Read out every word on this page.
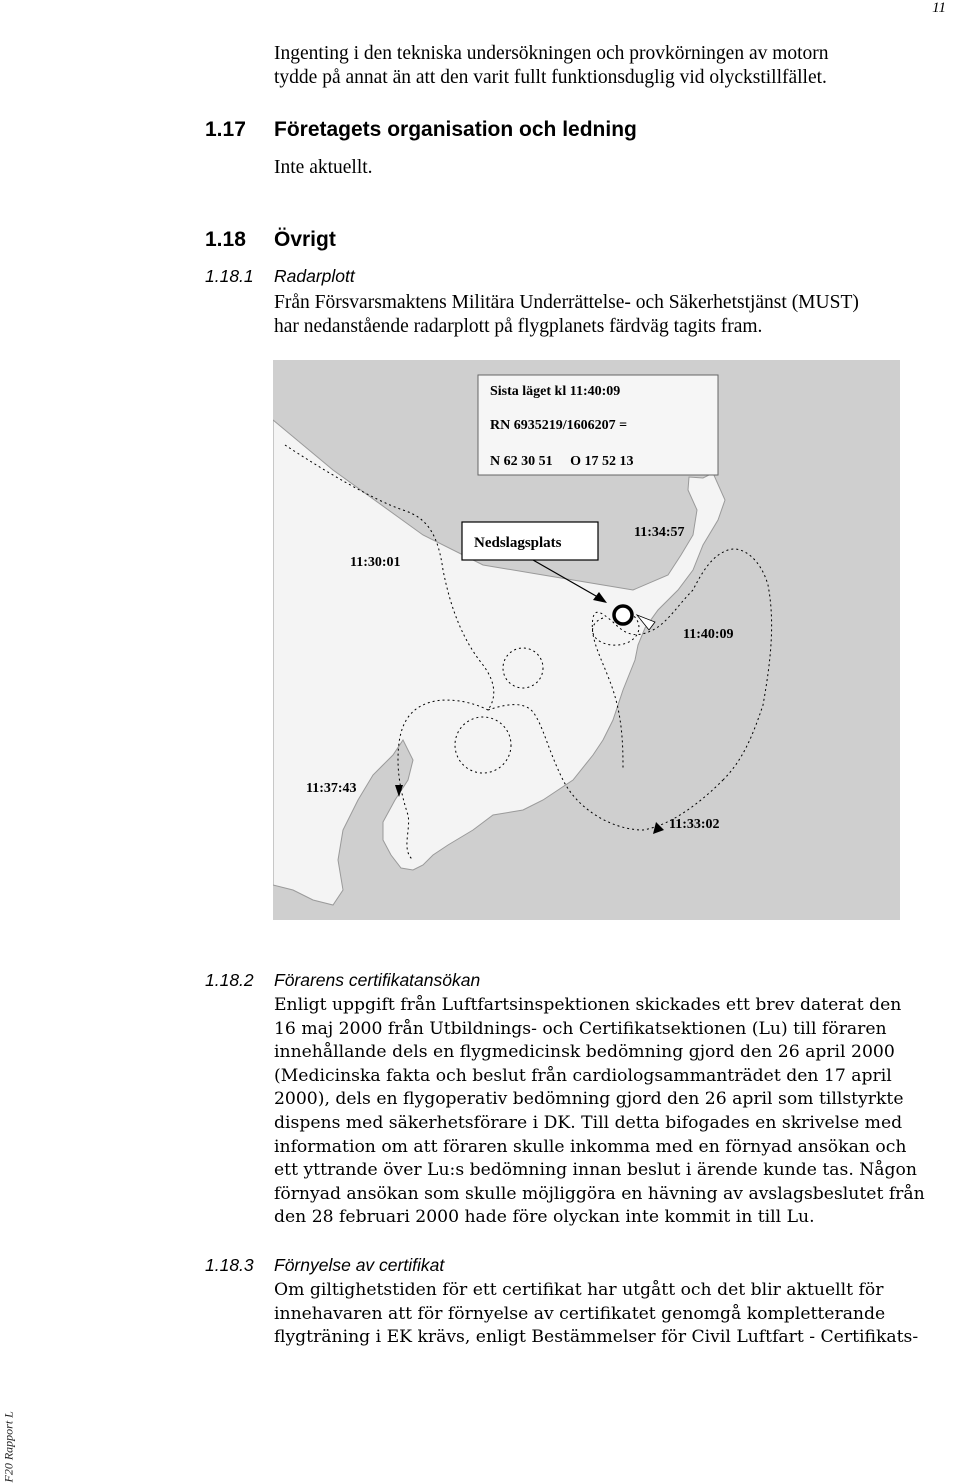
11
Ingenting i den tekniska undersökningen och provkörningen av motorn
tydde på annat än att den varit fullt funktionsduglig vid olyckstillfället.
1.17 Företagets organisation och ledning
Inte aktuellt.
1.18 Övrigt
1.18.1 Radarplott
Från Försvarsmaktens Militära Underrättelse- och Säkerhetstjänst (MUST)
har nedanstående radarplott på flygplanets färdväg tagits fram.
Sista läget kl 11:40:09
RN 6935219/1606207 =
N 62 30 51     O 17 52 13
Nedslagsplats
11:30:01
11:34:57
11:40:09
11:37:43
11:33:02
1.18.2 Förarens certifikatansökan
Enligt uppgift från Luftfartsinspektionen skickades ett brev daterat den
16 maj 2000 från Utbildnings- och Certifikatsektionen (Lu) till föraren
innehållande dels en flygmedicinsk bedömning gjord den 26 april 2000
(Medicinska fakta och beslut från cardiologsammanträdet den 17 april
2000), dels en flygoperativ bedömning gjord den 26 april som tillstyrkte
dispens med säkerhetsförare i DK. Till detta bifogades en skrivelse med
information om att föraren skulle inkomma med en förnyad ansökan och
ett yttrande över Lu:s bedömning innan beslut i ärende kunde tas. Någon
förnyad ansökan som skulle möjliggöra en hävning av avslagsbeslutet från
den 28 februari 2000 hade före olyckan inte kommit in till Lu.
1.18.3 Förnyelse av certifikat
Om giltighetstiden för ett certifikat har utgått och det blir aktuellt för
innehavaren att för förnyelse av certifikatet genomgå kompletterande
flygträning i EK krävs, enligt Bestämmelser för Civil Luftfart - Certifikats-
F20 Rapport L
